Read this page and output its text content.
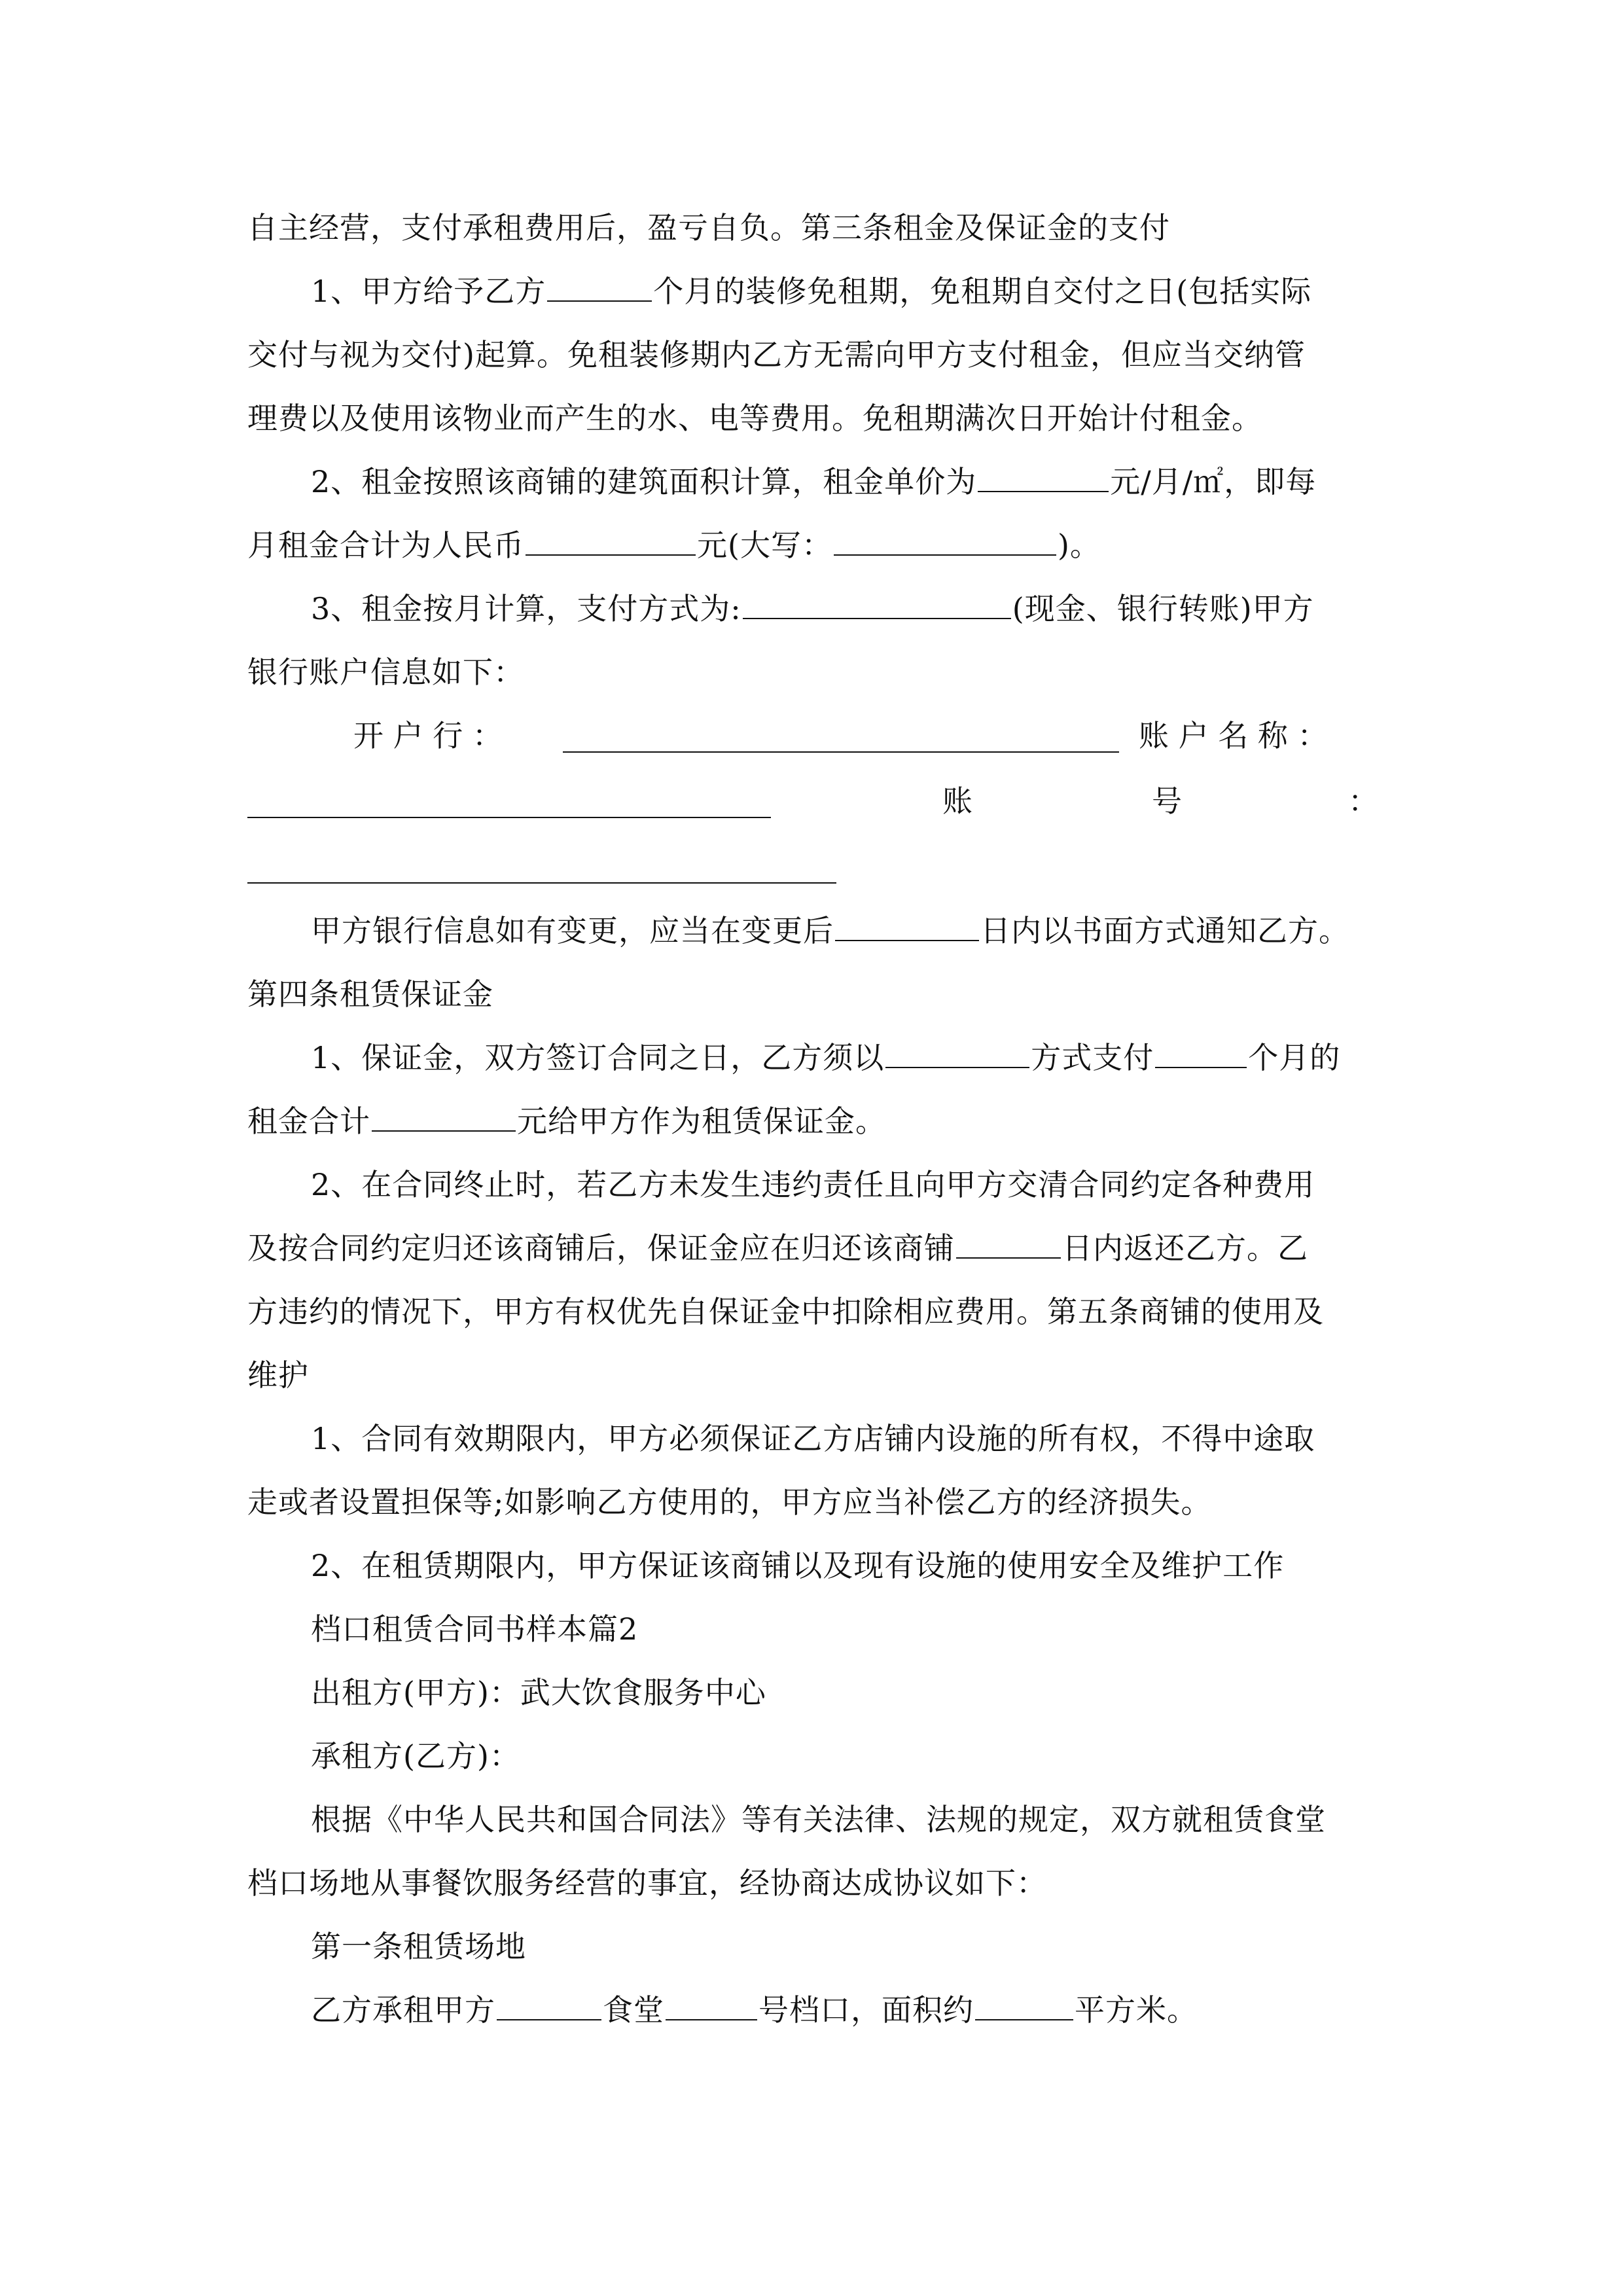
自主经营，支付承租费用后，盈亏自负。第三条租金及保证金的支付
1、甲方给予乙方	个月的装修免租期，免租期自交付之日(包括实际
交付与视为交付)起算。免租装修期内乙方无需向甲方支付租金，但应当交纳管
理费以及使用该物业而产生的水、电等费用。免租期满次日开始计付租金。
2、租金按照该商铺的建筑面积计算，租金单价为	元/月/㎡，即每
月租金合计为人民币	元(大写：	)。
3、租金按月计算，支付方式为:	(现金、银行转账)甲方
银行账户信息如下：
开 户 行 ：	账 户 名 称 ：
账	号	：
甲方银行信息如有变更，应当在变更后	日内以书面方式通知乙方。
第四条租赁保证金
1、保证金，双方签订合同之日，乙方须以	方式支付	个月的
租金合计	元给甲方作为租赁保证金。
2、在合同终止时，若乙方未发生违约责任且向甲方交清合同约定各种费用
及按合同约定归还该商铺后，保证金应在归还该商铺	日内返还乙方。乙
方违约的情况下，甲方有权优先自保证金中扣除相应费用。第五条商铺的使用及
维护
1、合同有效期限内，甲方必须保证乙方店铺内设施的所有权，不得中途取
走或者设置担保等;如影响乙方使用的，甲方应当补偿乙方的经济损失。
2、在租赁期限内，甲方保证该商铺以及现有设施的使用安全及维护工作
档口租赁合同书样本篇2
出租方(甲方)：武大饮食服务中心
承租方(乙方)：
根据《中华人民共和国合同法》等有关法律、法规的规定，双方就租赁食堂
档口场地从事餐饮服务经营的事宜，经协商达成协议如下：
第一条租赁场地
乙方承租甲方	食堂	号档口，面积约	平方米。
